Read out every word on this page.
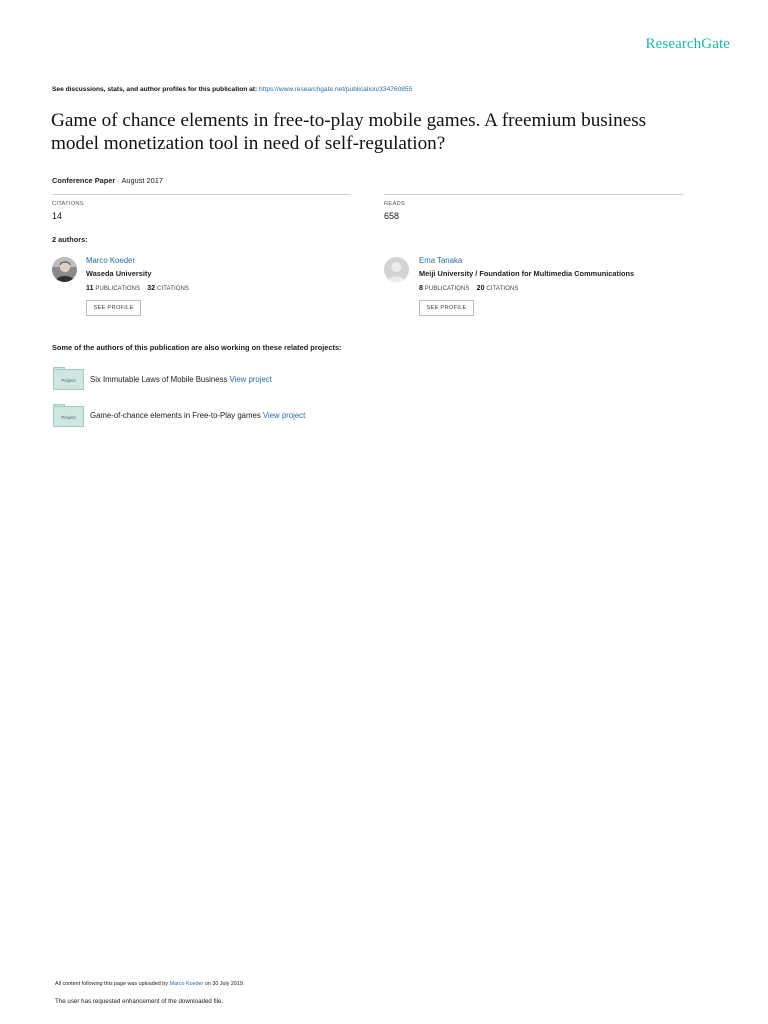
ResearchGate
See discussions, stats, and author profiles for this publication at: https://www.researchgate.net/publication/334760855
Game of chance elements in free-to-play mobile games. A freemium business
model monetization tool in need of self-regulation?
Conference Paper · August 2017
CITATIONS
14
READS
658
2 authors:
Marco Koeder
Waseda University
11 PUBLICATIONS 32 CITATIONS
SEE PROFILE
Ema Tanaka
Meiji University / Foundation for Multimedia Communications
8 PUBLICATIONS 20 CITATIONS
SEE PROFILE
Some of the authors of this publication are also working on these related projects:
Project	Six Immutable Laws of Mobile Business View project
Project	Game-of-chance elements in Free-to-Play games View project
All content following this page was uploaded by Marco Koeder on 30 July 2019.
The user has requested enhancement of the downloaded file.
